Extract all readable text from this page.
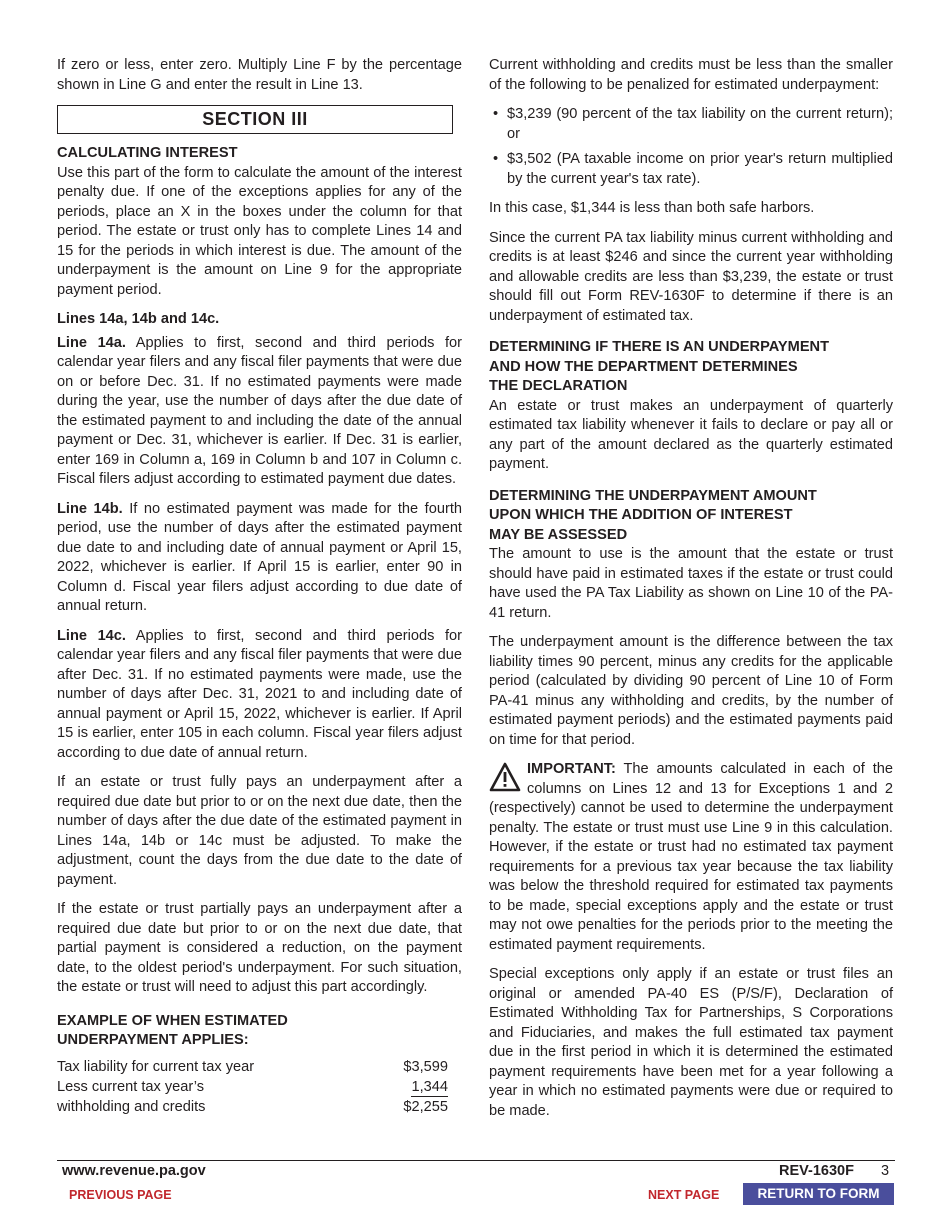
If zero or less, enter zero. Multiply Line F by the percentage shown in Line G and enter the result in Line 13.

SECTION III
CALCULATING INTEREST

Use this part of the form to calculate the amount of the interest penalty due. If one of the exceptions applies for any of the periods, place an X in the boxes under the column for that period. The estate or trust only has to complete Lines 14 and 15 for the periods in which interest is due. The amount of the underpayment is the amount on Line 9 for the appropriate payment period.

Lines 14a, 14b and 14c.

Line 14a. Applies to first, second and third periods for calendar year filers and any fiscal filer payments that were due on or before Dec. 31. If no estimated payments were made during the year, use the number of days after the due date of the estimated payment to and including the date of the annual payment or Dec. 31, whichever is earlier. If Dec. 31 is earlier, enter 169 in Column a, 169 in Column b and 107 in Column c. Fiscal filers adjust according to estimated payment due dates.

Line 14b. If no estimated payment was made for the fourth period, use the number of days after the estimated payment due date to and including date of annual payment or April 15, 2022, whichever is earlier. If April 15 is earlier, enter 90 in Column d. Fiscal year filers adjust according to due date of annual return.

Line 14c. Applies to first, second and third periods for calendar year filers and any fiscal filer payments that were due after Dec. 31. If no estimated payments were made, use the number of days after Dec. 31, 2021 to and including date of annual payment or April 15, 2022, whichever is earlier. If April 15 is earlier, enter 105 in each column. Fiscal year filers adjust according to due date of annual return.

If an estate or trust fully pays an underpayment after a required due date but prior to or on the next due date, then the number of days after the due date of the estimated payment in Lines 14a, 14b or 14c must be adjusted. To make the adjustment, count the days from the due date to the date of payment.

If the estate or trust partially pays an underpayment after a required due date but prior to or on the next due date, that partial payment is considered a reduction, on the payment date, to the oldest period's underpayment. For such situation, the estate or trust will need to adjust this part accordingly.

EXAMPLE OF WHEN ESTIMATED
UNDERPAYMENT APPLIES:
Tax liability for current tax year	$3,599
Less current tax year’s	1,344
withholding and credits	$2,255

Current withholding and credits must be less than the smaller of the following to be penalized for estimated underpayment:

• $3,239 (90 percent of the tax liability on the current return); or
• $3,502 (PA taxable income on prior year's return multiplied by the current year's tax rate).

In this case, $1,344 is less than both safe harbors.

Since the current PA tax liability minus current withholding and credits is at least $246 and since the current year withholding and allowable credits are less than $3,239, the estate or trust should fill out Form REV-1630F to determine if there is an underpayment of estimated tax.

DETERMINING IF THERE IS AN UNDERPAYMENT
AND HOW THE DEPARTMENT DETERMINES
THE DECLARATION

An estate or trust makes an underpayment of quarterly estimated tax liability whenever it fails to declare or pay all or any part of the amount declared as the quarterly estimated payment.

DETERMINING THE UNDERPAYMENT AMOUNT
UPON WHICH THE ADDITION OF INTEREST
MAY BE ASSESSED

The amount to use is the amount that the estate or trust should have paid in estimated taxes if the estate or trust could have used the PA Tax Liability as shown on Line 10 of the PA-41 return.

The underpayment amount is the difference between the tax liability times 90 percent, minus any credits for the applicable period (calculated by dividing 90 percent of Line 10 of Form PA-41 minus any withholding and credits, by the number of estimated payment periods) and the estimated payments paid on time for that period.

IMPORTANT: The amounts calculated in each of the columns on Lines 12 and 13 for Exceptions 1 and 2 (respectively) cannot be used to determine the underpayment penalty. The estate or trust must use Line 9 in this calculation. However, if the estate or trust had no estimated tax payment requirements for a previous tax year because the tax liability was below the threshold required for estimated tax payments to be made, special exceptions apply and the estate or trust may not owe penalties for the periods prior to the meeting the estimated payment requirements.

Special exceptions only apply if an estate or trust files an original or amended PA-40 ES (P/S/F), Declaration of Estimated Withholding Tax for Partnerships, S Corporations and Fiduciaries, and makes the full estimated tax payment due in the first period in which it is determined the estimated payment requirements have been met for a year following a year in which no estimated payments were due or required to be made.

www.revenue.pa.gov	REV-1630F 3
PREVIOUS PAGE	NEXT PAGE	RETURN TO FORM
